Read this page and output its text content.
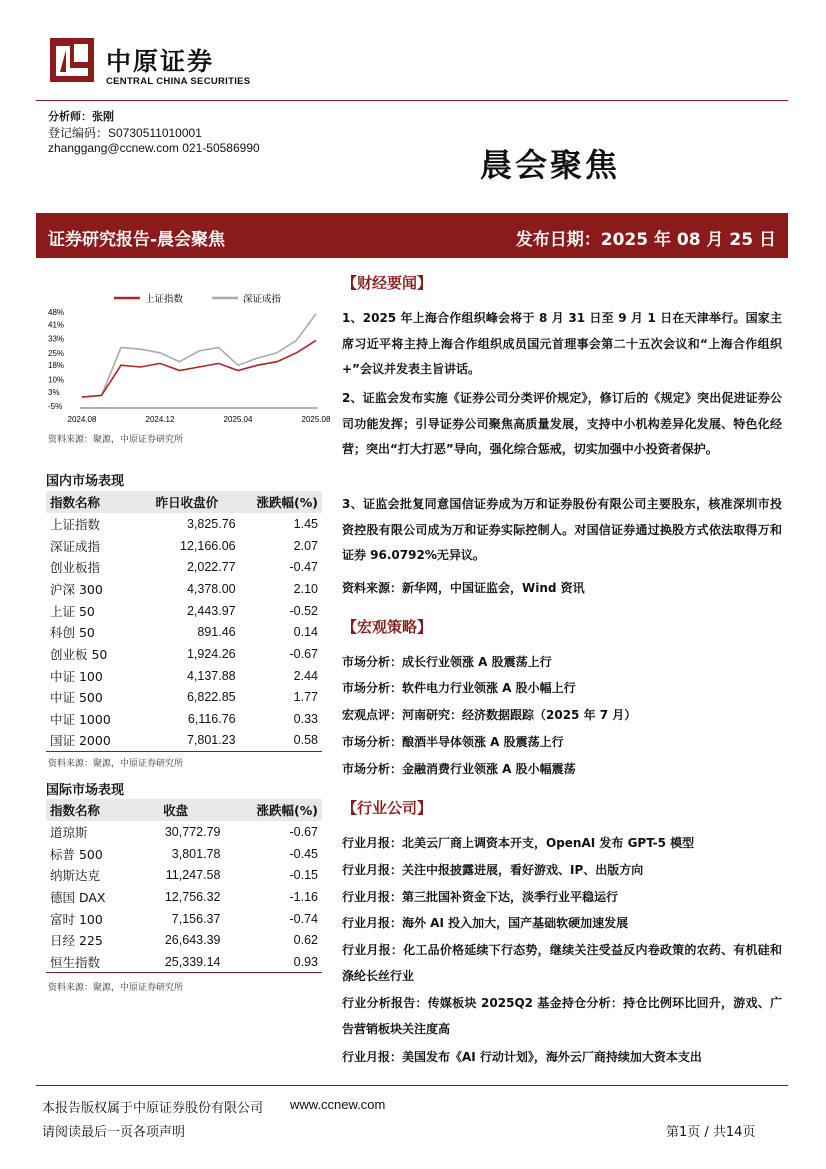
中原证券
CENTRAL CHINA SECURITIES
分析师：张刚
登记编码：S0730511010001
zhanggang@ccnew.com 021-50586990	晨会聚焦
证券研究报告-晨会聚焦	发布日期：2025 年 08 月 25 日
上证指数	深证成指
48%
41%
33%
25%
18%
10%
3%
-5%
2024.08	2024.12	2025.04	2025.08
资料来源：聚源，中原证券研究所
国内市场表现
指数名称	昨日收盘价	涨跌幅(%)
上证指数	3,825.76	1.45
深证成指	12,166.06	2.07
创业板指	2,022.77	-0.47
沪深 300	4,378.00	2.10
上证 50	2,443.97	-0.52
科创 50	891.46	0.14
创业板 50	1,924.26	-0.67
中证 100	4,137.88	2.44
中证 500	6,822.85	1.77
中证 1000	6,116.76	0.33
国证 2000	7,801.23	0.58
资料来源：聚源，中原证券研究所
国际市场表现
指数名称	收盘	涨跌幅(%)
道琼斯	30,772.79	-0.67
标普 500	3,801.78	-0.45
纳斯达克	11,247.58	-0.15
德国 DAX	12,756.32	-1.16
富时 100	7,156.37	-0.74
日经 225	26,643.39	0.62
恒生指数	25,339.14	0.93
资料来源：聚源，中原证券研究所
【财经要闻】
1、2025 年上海合作组织峰会将于 8 月 31 日至 9 月 1 日在天津举行。国家主席习近平将主持上海合作组织成员国元首理事会第二十五次会议和“上海合作组织+”会议并发表主旨讲话。
2、证监会发布实施《证券公司分类评价规定》，修订后的《规定》突出促进证券公司功能发挥；引导证券公司聚焦高质量发展，支持中小机构差异化发展、特色化经营；突出“打大打恶”导向，强化综合惩戒，切实加强中小投资者保护。
3、证监会批复同意国信证券成为万和证券股份有限公司主要股东，核准深圳市投资控股有限公司成为万和证券实际控制人。对国信证券通过换股方式依法取得万和证券 96.0792%无异议。
资料来源：新华网，中国证监会，Wind 资讯
【宏观策略】
市场分析：成长行业领涨 A 股震荡上行
市场分析：软件电力行业领涨 A 股小幅上行
宏观点评：河南研究：经济数据跟踪（2025 年 7 月）
市场分析：酿酒半导体领涨 A 股震荡上行
市场分析：金融消费行业领涨 A 股小幅震荡
【行业公司】
行业月报：北美云厂商上调资本开支，OpenAI 发布 GPT-5 模型
行业月报：关注中报披露进展，看好游戏、IP、出版方向
行业月报：第三批国补资金下达，淡季行业平稳运行
行业月报：海外 AI 投入加大，国产基础软硬加速发展
行业月报：化工品价格延续下行态势，继续关注受益反内卷政策的农药、有机硅和涤纶长丝行业
行业分析报告：传媒板块 2025Q2 基金持仓分析：持仓比例环比回升，游戏、广告营销板块关注度高
行业月报：美国发布《AI 行动计划》，海外云厂商持续加大资本支出
本报告版权属于中原证券股份有限公司 www.ccnew.com
请阅读最后一页各项声明	第1页 / 共14页
